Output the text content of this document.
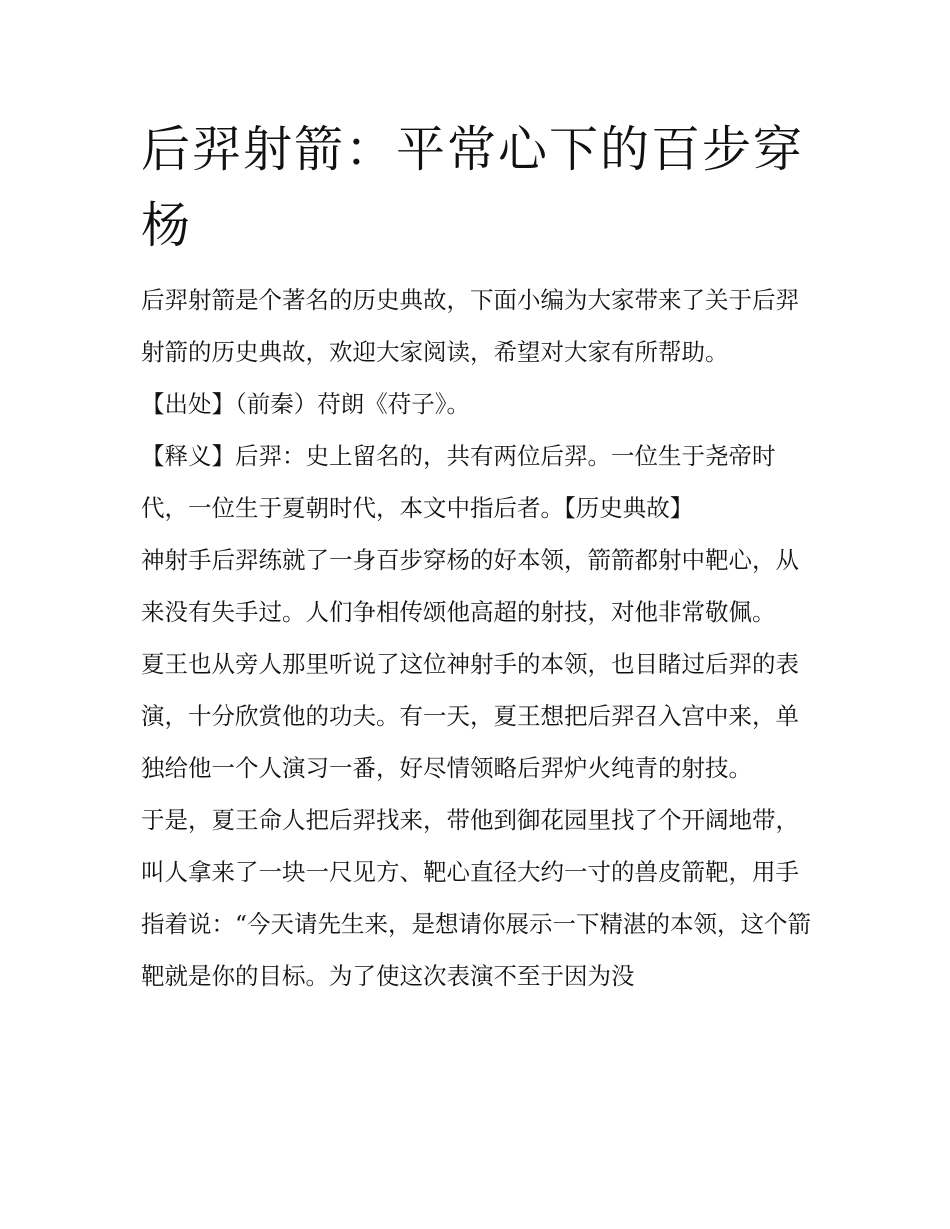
后羿射箭：平常心下的百步穿杨

后羿射箭是个著名的历史典故，下面小编为大家带来了关于后羿射箭的历史典故，欢迎大家阅读，希望对大家有所帮助。

【出处】（前秦）苻朗《苻子》。

【释义】后羿：史上留名的，共有两位后羿。一位生于尧帝时代，一位生于夏朝时代，本文中指后者。【历史典故】

神射手后羿练就了一身百步穿杨的好本领，箭箭都射中靶心，从来没有失手过。人们争相传颂他高超的射技，对他非常敬佩。

夏王也从旁人那里听说了这位神射手的本领，也目睹过后羿的表演，十分欣赏他的功夫。有一天，夏王想把后羿召入宫中来，单独给他一个人演习一番，好尽情领略后羿炉火纯青的射技。

于是，夏王命人把后羿找来，带他到御花园里找了个开阔地带，叫人拿来了一块一尺见方、靶心直径大约一寸的兽皮箭靶，用手指着说：“今天请先生来，是想请你展示一下精湛的本领，这个箭靶就是你的目标。为了使这次表演不至于因为没
